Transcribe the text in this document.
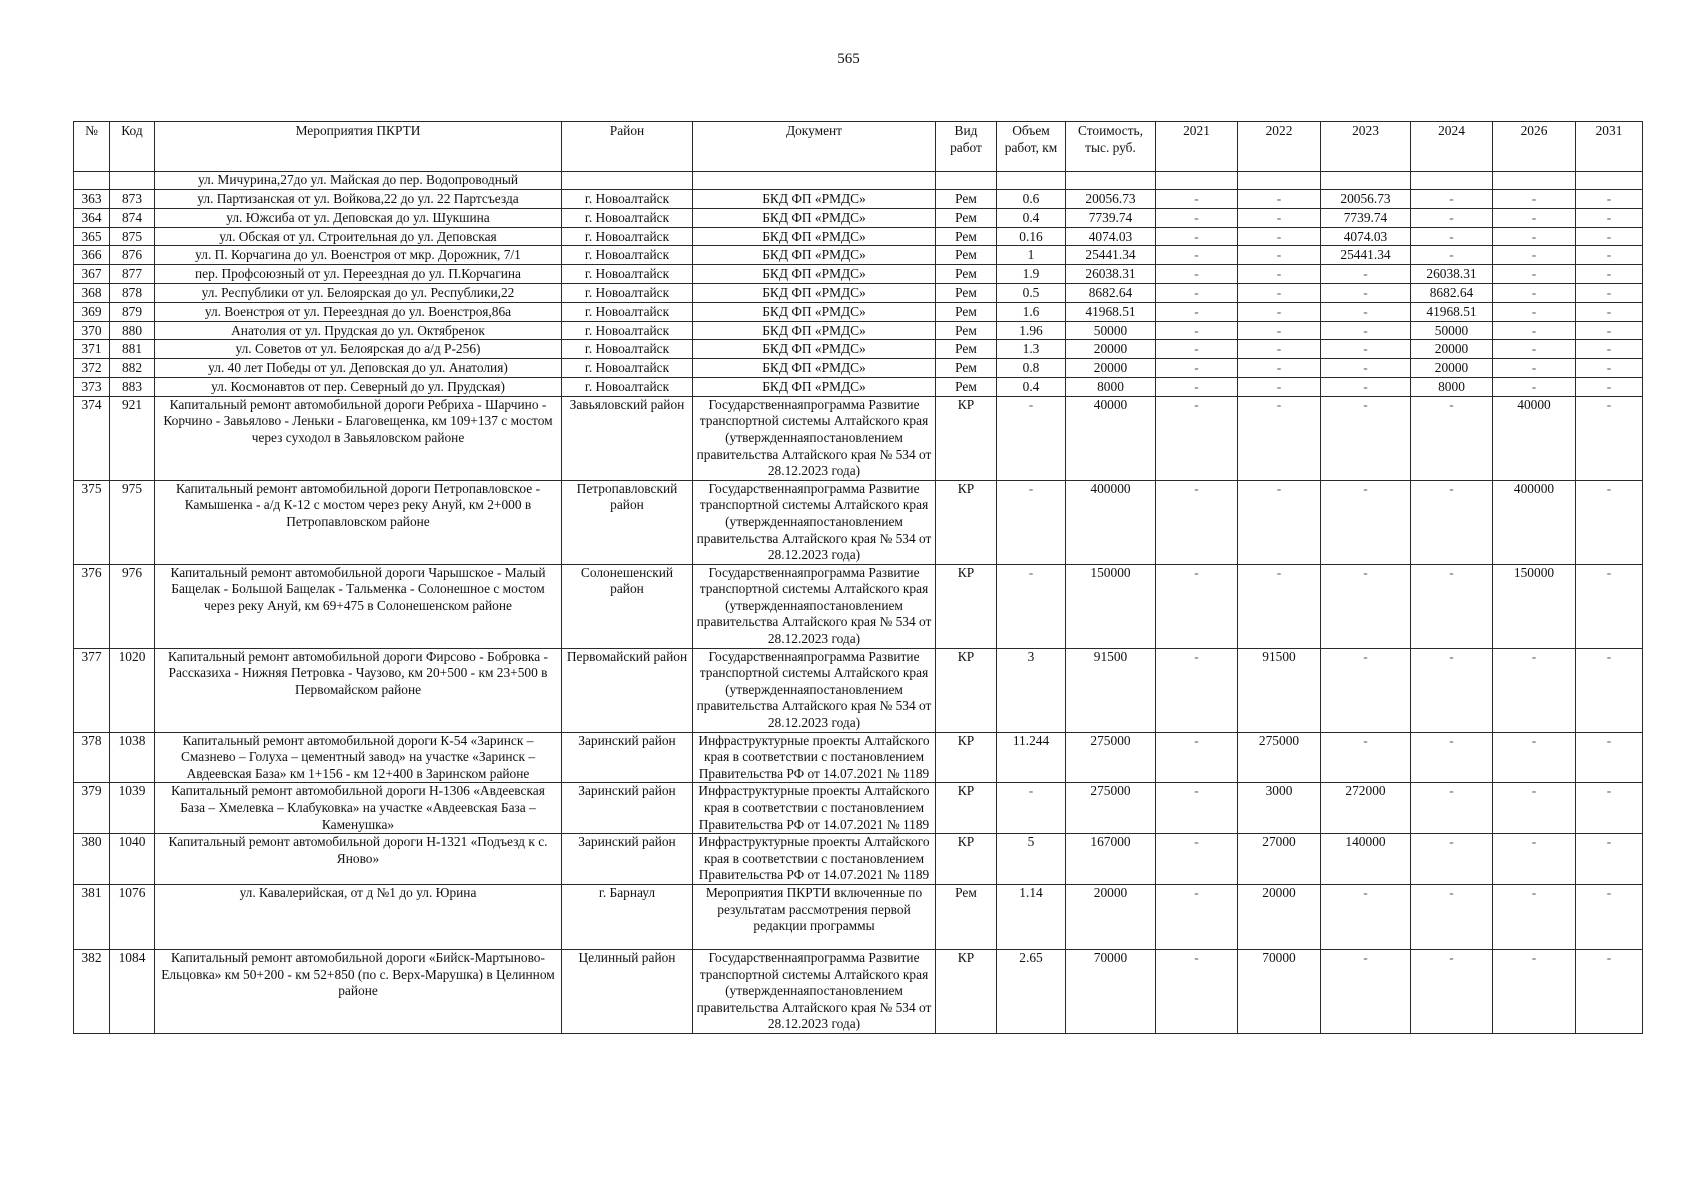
565
№	Код	Мероприятия ПКРТИ	Район	Документ	Вид работ	Объем работ, км	Стоимость, тыс. руб.	2021	2022	2023	2024	2026	2031
		ул. Мичурина,27до ул. Майская до пер. Водопроводный											
363	873	ул. Партизанская от ул. Войкова,22 до ул. 22 Партсъезда	г. Новоалтайск	БКД ФП «РМДС»	Рем	0.6	20056.73	-	-	20056.73	-	-	-
364	874	ул. Южсиба от ул. Деповская до ул. Шукшина	г. Новоалтайск	БКД ФП «РМДС»	Рем	0.4	7739.74	-	-	7739.74	-	-	-
365	875	ул. Обская от ул. Строительная до ул. Деповская	г. Новоалтайск	БКД ФП «РМДС»	Рем	0.16	4074.03	-	-	4074.03	-	-	-
366	876	ул. П. Корчагина до ул. Военстроя от мкр. Дорожник, 7/1	г. Новоалтайск	БКД ФП «РМДС»	Рем	1	25441.34	-	-	25441.34	-	-	-
367	877	пер. Профсоюзный от ул. Переездная до ул. П.Корчагина	г. Новоалтайск	БКД ФП «РМДС»	Рем	1.9	26038.31	-	-	-	26038.31	-	-
368	878	ул. Республики от ул. Белоярская до ул. Республики,22	г. Новоалтайск	БКД ФП «РМДС»	Рем	0.5	8682.64	-	-	-	8682.64	-	-
369	879	ул. Военстроя от ул. Переездная до ул. Военстроя,86а	г. Новоалтайск	БКД ФП «РМДС»	Рем	1.6	41968.51	-	-	-	41968.51	-	-
370	880	Анатолия от ул. Прудская до ул. Октябренок	г. Новоалтайск	БКД ФП «РМДС»	Рем	1.96	50000	-	-	-	50000	-	-
371	881	ул. Советов от ул. Белоярская до а/д Р-256)	г. Новоалтайск	БКД ФП «РМДС»	Рем	1.3	20000	-	-	-	20000	-	-
372	882	ул. 40 лет Победы от ул. Деповская до ул. Анатолия)	г. Новоалтайск	БКД ФП «РМДС»	Рем	0.8	20000	-	-	-	20000	-	-
373	883	ул. Космонавтов от пер. Северный до ул. Прудская)	г. Новоалтайск	БКД ФП «РМДС»	Рем	0.4	8000	-	-	-	8000	-	-
374	921	Капитальный ремонт автомобильной дороги Ребриха - Шарчино - Корчино - Завьялово - Леньки - Благовещенка, км 109+137 с мостом через суходол в Завьяловском районе	Завьяловский район	Государственнаяпрограмма Развитие транспортной системы Алтайского края (утвержденнаяпостановлением правительства Алтайского края № 534 от 28.12.2023 года)	КР	-	40000	-	-	-	-	40000	-
375	975	Капитальный ремонт автомобильной дороги Петропавловское - Камышенка - а/д К-12 с мостом через реку Ануй, км 2+000 в Петропавловском районе	Петропавловский район	Государственнаяпрограмма Развитие транспортной системы Алтайского края (утвержденнаяпостановлением правительства Алтайского края № 534 от 28.12.2023 года)	КР	-	400000	-	-	-	-	400000	-
376	976	Капитальный ремонт автомобильной дороги Чарышское - Малый Бащелак - Большой Бащелак - Тальменка - Солонешное с мостом через реку Ануй, км 69+475 в Солонешенском районе	Солонешенский район	Государственнаяпрограмма Развитие транспортной системы Алтайского края (утвержденнаяпостановлением правительства Алтайского края № 534 от 28.12.2023 года)	КР	-	150000	-	-	-	-	150000	-
377	1020	Капитальный ремонт автомобильной дороги Фирсово - Бобровка - Рассказиха - Нижняя Петровка - Чаузово, км 20+500 - км 23+500 в Первомайском районе	Первомайский район	Государственнаяпрограмма Развитие транспортной системы Алтайского края (утвержденнаяпостановлением правительства Алтайского края № 534 от 28.12.2023 года)	КР	3	91500	-	91500	-	-	-	-
378	1038	Капитальный ремонт автомобильной дороги К-54 «Заринск – Смазнево – Голуха – цементный завод» на участке «Заринск – Авдеевская База» км 1+156 - км 12+400 в Заринском районе	Заринский район	Инфраструктурные проекты Алтайского края в соответствии с постановлением Правительства РФ от 14.07.2021 № 1189	КР	11.244	275000	-	275000	-	-	-	-
379	1039	Капитальный ремонт автомобильной дороги Н-1306 «Авдеевская База – Хмелевка – Клабуковка» на участке «Авдеевская База – Каменушка»	Заринский район	Инфраструктурные проекты Алтайского края в соответствии с постановлением Правительства РФ от 14.07.2021 № 1189	КР	-	275000	-	3000	272000	-	-	-
380	1040	Капитальный ремонт автомобильной дороги Н-1321 «Подъезд к с. Яново»	Заринский район	Инфраструктурные проекты Алтайского края в соответствии с постановлением Правительства РФ от 14.07.2021 № 1189	КР	5	167000	-	27000	140000	-	-	-
381	1076	ул. Кавалерийская, от д №1 до ул. Юрина	г. Барнаул	Мероприятия ПКРТИ включенные по результатам рассмотрения первой редакции программы	Рем	1.14	20000	-	20000	-	-	-	-
382	1084	Капитальный ремонт автомобильной дороги «Бийск-Мартыново-Ельцовка» км 50+200 - км 52+850 (по с. Верх-Марушка) в Целинном районе	Целинный район	Государственнаяпрограмма Развитие транспортной системы Алтайского края (утвержденнаяпостановлением правительства Алтайского края № 534 от 28.12.2023 года)	КР	2.65	70000	-	70000	-	-	-	-
